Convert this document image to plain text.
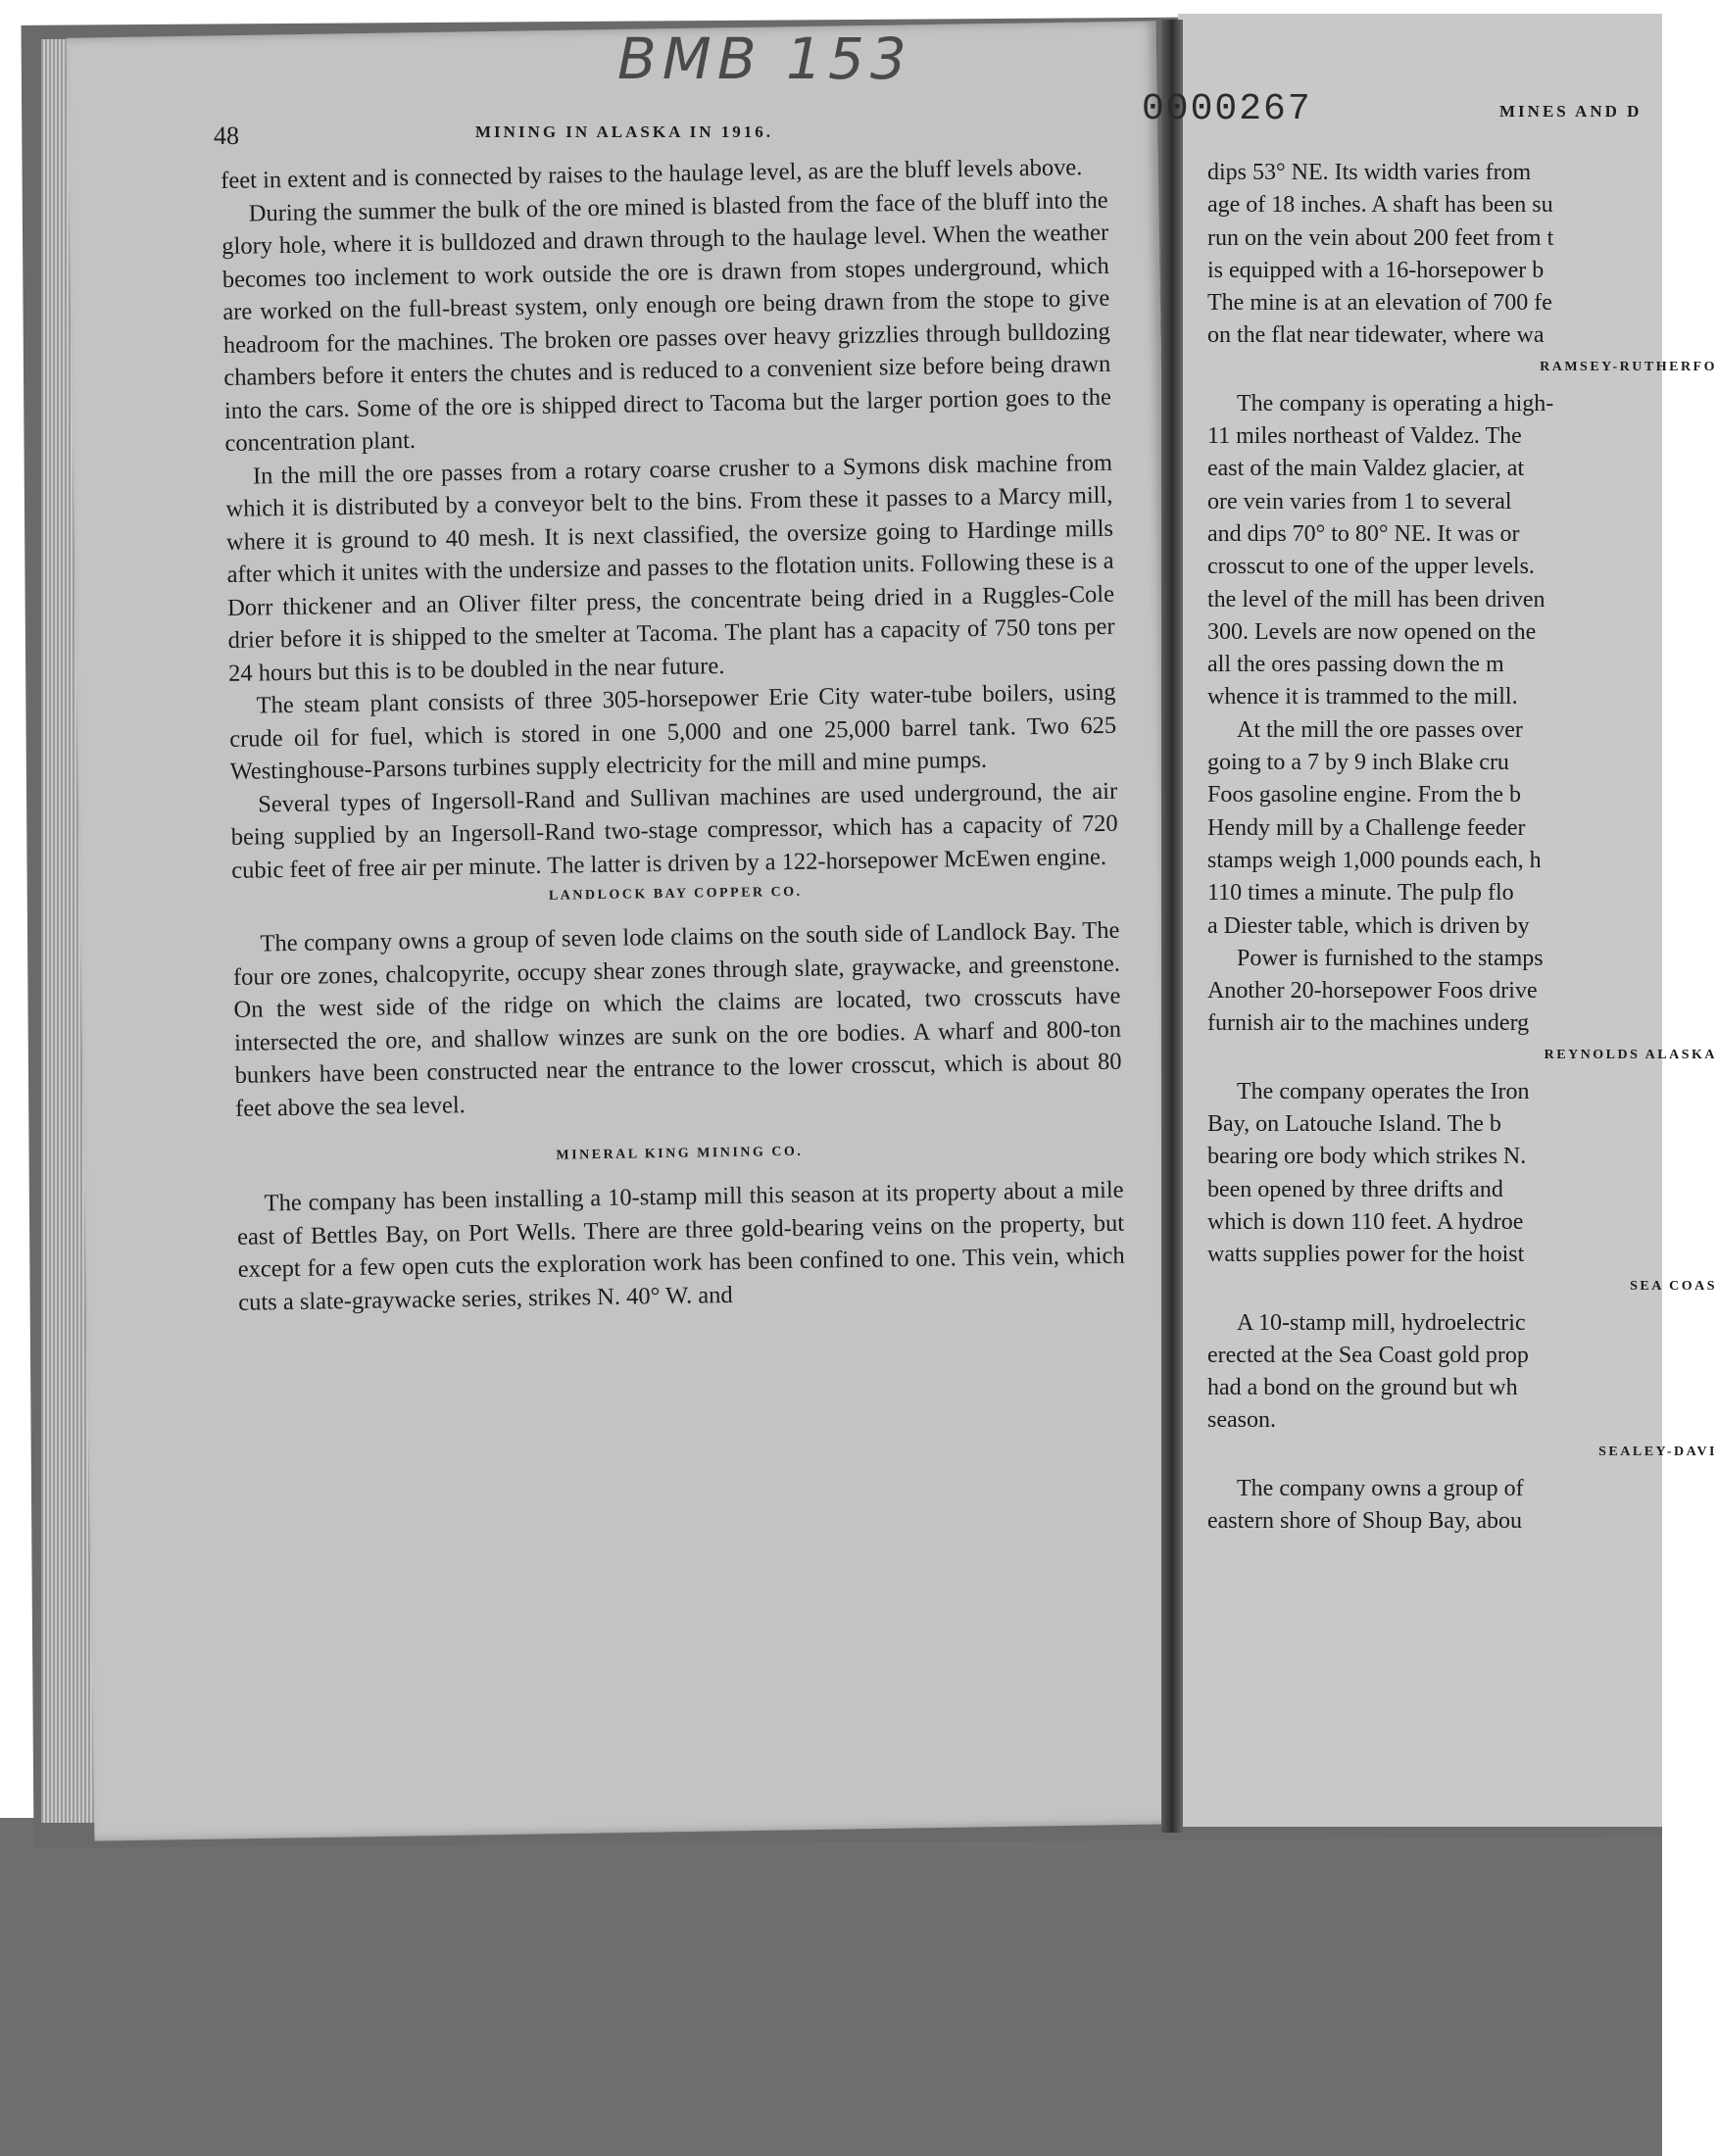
BMB 153
48	MINING IN ALASKA IN 1916.

feet in extent and is connected by raises to the haulage level, as are the bluff levels above.

During the summer the bulk of the ore mined is blasted from the face of the bluff into the glory hole, where it is bulldozed and drawn through to the haulage level. When the weather becomes too inclement to work outside the ore is drawn from stopes underground, which are worked on the full-breast system, only enough ore being drawn from the stope to give headroom for the machines. The broken ore passes over heavy grizzlies through bulldozing chambers before it enters the chutes and is reduced to a convenient size before being drawn into the cars. Some of the ore is shipped direct to Tacoma but the larger portion goes to the concentration plant.

In the mill the ore passes from a rotary coarse crusher to a Symons disk machine from which it is distributed by a conveyor belt to the bins. From these it passes to a Marcy mill, where it is ground to 40 mesh. It is next classified, the oversize going to Hardinge mills after which it unites with the undersize and passes to the flotation units. Following these is a Dorr thickener and an Oliver filter press, the concentrate being dried in a Ruggles-Cole drier before it is shipped to the smelter at Tacoma. The plant has a capacity of 750 tons per 24 hours but this is to be doubled in the near future.

The steam plant consists of three 305-horsepower Erie City water-tube boilers, using crude oil for fuel, which is stored in one 5,000 and one 25,000 barrel tank. Two 625 Westinghouse-Parsons turbines supply electricity for the mill and mine pumps.

Several types of Ingersoll-Rand and Sullivan machines are used underground, the air being supplied by an Ingersoll-Rand two-stage compressor, which has a capacity of 720 cubic feet of free air per minute. The latter is driven by a 122-horsepower McEwen engine.

LANDLOCK BAY COPPER CO.

The company owns a group of seven lode claims on the south side of Landlock Bay. The four ore zones, chalcopyrite, occupy shear zones through slate, graywacke, and greenstone. On the west side of the ridge on which the claims are located, two crosscuts have intersected the ore, and shallow winzes are sunk on the ore bodies. A wharf and 800-ton bunkers have been constructed near the entrance to the lower crosscut, which is about 80 feet above the sea level.

MINERAL KING MINING CO.

The company has been installing a 10-stamp mill this season at its property about a mile east of Bettles Bay, on Port Wells. There are three gold-bearing veins on the property, but except for a few open cuts the exploration work has been confined to one. This vein, which cuts a slate-graywacke series, strikes N. 40° W. and

0000267	MINES AND D
dips 53° NE. Its width varies from
age of 18 inches. A shaft has been su
run on the vein about 200 feet from t
is equipped with a 16-horsepower b
The mine is at an elevation of 700 fe
on the flat near tidewater, where wa
RAMSEY-RUTHERFO
The company is operating a high-
11 miles northeast of Valdez. The
east of the main Valdez glacier, at
ore vein varies from 1 to several
and dips 70° to 80° NE. It was or
crosscut to one of the upper levels.
the level of the mill has been driven
300. Levels are now opened on the
all the ores passing down the m
whence it is trammed to the mill.
At the mill the ore passes over
going to a 7 by 9 inch Blake cru
Foos gasoline engine. From the b
Hendy mill by a Challenge feeder
stamps weigh 1,000 pounds each, h
110 times a minute. The pulp flo
a Diester table, which is driven by
Power is furnished to the stamps
Another 20-horsepower Foos drive
furnish air to the machines underg
REYNOLDS ALASKA
The company operates the Iron
Bay, on Latouche Island. The b
bearing ore body which strikes N.
been opened by three drifts and
which is down 110 feet. A hydroe
watts supplies power for the hoist
SEA COAS
A 10-stamp mill, hydroelectric
erected at the Sea Coast gold prop
had a bond on the ground but wh
season.
SEALEY-DAVI
The company owns a group of
eastern shore of Shoup Bay, abou
